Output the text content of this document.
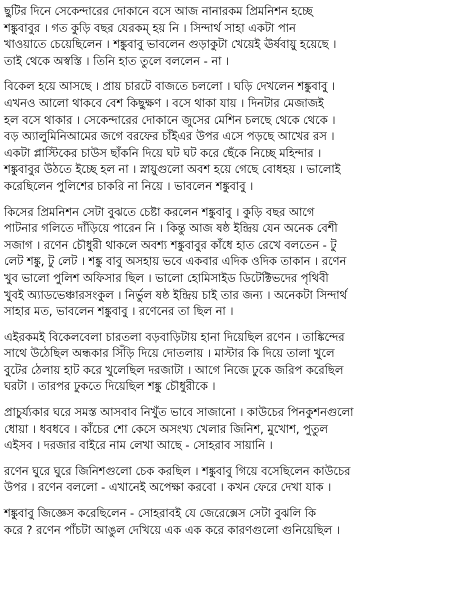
ছুটির দিনে সেকেন্দারের দোকানে বসে আজ নানারকম প্রিমনিশন হচ্ছে
শঙ্কুবাবুর । গত কুড়ি বছর যেরকম্ হয় নি । সিন্দার্থ সাহা একটা পান
খাওয়াতে চেয়েছিলেন । শঙ্কুবাবু ভাবলেন গুড়াকুটা খেয়েই ঊর্ষবায়ু হয়েছে ।
তাই থেকে অস্বস্তি । তিনি হাত তুলে বললেন - না ।

বিকেল হয়ে আসছে । প্রায় চারটে বাজতে চললো । ঘড়ি দেখলেন শঙ্কুবাবু ।
এখনও আলো থাকবে বেশ কিছুক্ষণ । বসে থাকা যায় । দিনটার মেজাজই
হল বসে থাকার । সেকেন্দারের দোকানে জুসের মেশিন চলছে থেকে থেকে ।
বড় অ্যালুমিনিআমের জগে বরফের চাঁইএর উপর এসে পড়ছে আখের রস ।
একটা প্লাস্টিকের চাউস ছাঁকনি দিয়ে ঘট ঘট করে ছেঁকে নিচ্ছে মহিন্দার ।
শঙ্কুবাবুর উঠতে ইচ্ছে হল না । স্নায়ুগুলো অবশ হয়ে গেছে বোধহয় । ভালোই
করেছিলেন পুলিশের চাকরি না নিয়ে । ভাবলেন শঙ্কুবাবু ।

কিসের প্রিমনিশন সেটা বুঝতে চেষ্টা করলেন শঙ্কুবাবু । কুড়ি বছর আগে
পাটনার গলিতে দাঁড়িয়ে পারেন নি । কিন্তু আজ ষষ্ঠ ইন্দ্রিয় যেন অনেক বেশী
সজাগ । রণেন চৌধুরী থাকলে অবশ্য শঙ্কুবাবুর কাঁধে হাত রেখে বলতেন - টু
লেট শঙ্কু, টু লেট । শঙ্কু বাবু অসহায় ভবে একবার এদিক ওদিক তাকান । রণেন
খুব ভালো পুলিশ অফিসার ছিল । ভালো হোমিসাইড ডিটেক্টিভদের পৃথিবী
খুবই অ্যাডভেঞ্চারসংকুল । নির্ভুল ষষ্ঠ ইন্দ্রিয় চাই তার জন্য । অনেকটা সিন্দার্থ
সাহার মত, ভাবলেন শঙ্কুবাবু । রণেনের তা ছিল না ।

এইরকমই বিকেলবেলা চারতলা বড়বাড়িটায় হানা দিয়েছিল রণেন । তাঙ্কিন্দের
সাথে উঠেছিল অন্ধকার সিঁড়ি দিয়ে দোতলায় । মাস্টার কি দিয়ে তালা খুলে
বুটের ঠেলায় হাট করে খুলেছিল দরজাটা । আগে নিজে ঢুকে জরিপ করেছিল
ঘরটা । তারপর ঢুকতে দিয়েছিল শঙ্কু চৌধুরীকে ।

প্রাচুর্য্যকার ঘরে সমস্ত আসবাব নিখুঁত ভাবে সাজানো । কাউচের পিনকুশনগুলো
ধোয়া । ধবধবে । কাঁচের শো কেসে অসংখ্য খেলার জিনিশ, মুখোশ, পুতুল
এইসব । দরজার বাইরে নাম লেখা আছে - সোহরাব সায়ানি ।

রণেন ঘুরে ঘুরে জিনিশগুলো চেক করছিল । শঙ্কুবাবু গিয়ে বসেছিলেন কাউচের
উপর । রণেন বললো - এখানেই অপেক্ষা করবো । কখন ফেরে দেখা যাক ।

শঙ্কুবাবু জিজ্ঞেস করেছিলেন - সোহরাবই যে জেরেক্সেস সেটা বুঝলি কি
করে ? রণেন পাঁচটা আঙুল দেখিয়ে এক এক করে কারণগুলো গুনিয়েছিল ।
